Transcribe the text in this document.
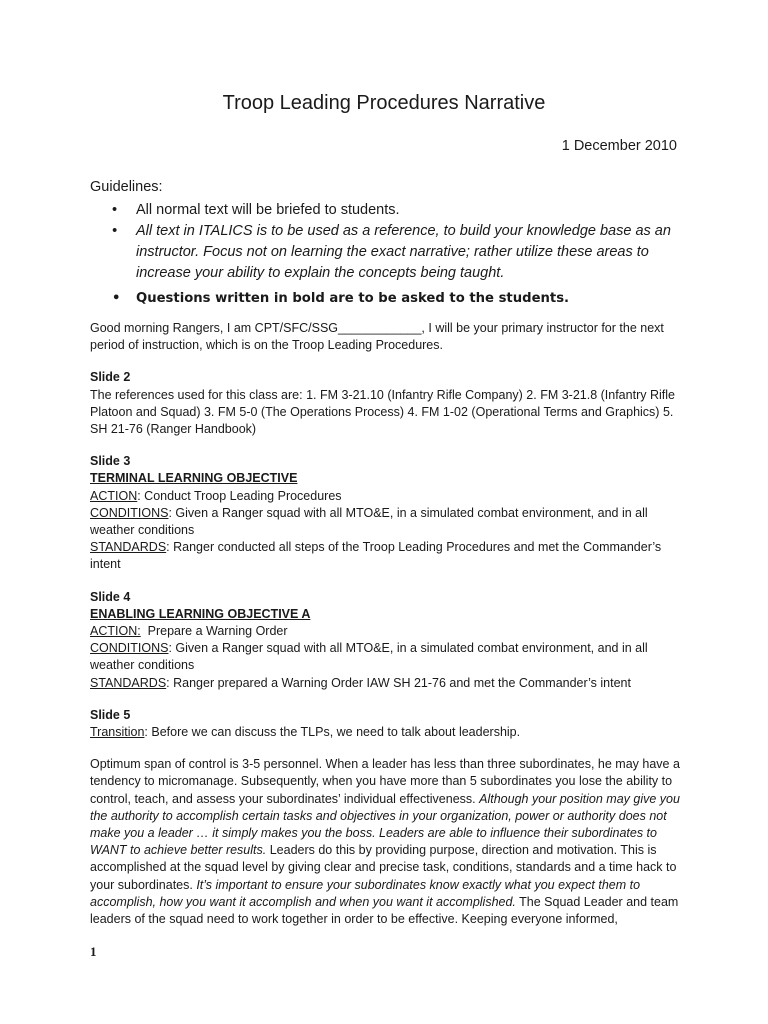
Troop Leading Procedures Narrative
1 December 2010
Guidelines:
• All normal text will be briefed to students.
• All text in ITALICS is to be used as a reference, to build your knowledge base as an instructor. Focus not on learning the exact narrative; rather utilize these areas to increase your ability to explain the concepts being taught.
• Questions written in bold are to be asked to the students.

Good morning Rangers, I am CPT/SFC/SSG____________, I will be your primary instructor for the next period of instruction, which is on the Troop Leading Procedures.

Slide 2
The references used for this class are: 1. FM 3-21.10 (Infantry Rifle Company) 2. FM 3-21.8 (Infantry Rifle Platoon and Squad) 3. FM 5-0 (The Operations Process) 4. FM 1-02 (Operational Terms and Graphics) 5. SH 21-76 (Ranger Handbook)
Slide 3
TERMINAL LEARNING OBJECTIVE
ACTION: Conduct Troop Leading Procedures
CONDITIONS: Given a Ranger squad with all MTO&E, in a simulated combat environment, and in all weather conditions
STANDARDS: Ranger conducted all steps of the Troop Leading Procedures and met the Commander’s intent
Slide 4
ENABLING LEARNING OBJECTIVE A
ACTION:  Prepare a Warning Order
CONDITIONS: Given a Ranger squad with all MTO&E, in a simulated combat environment, and in all weather conditions
STANDARDS: Ranger prepared a Warning Order IAW SH 21-76 and met the Commander’s intent
Slide 5
Transition: Before we can discuss the TLPs, we need to talk about leadership.

Optimum span of control is 3-5 personnel. When a leader has less than three subordinates, he may have a tendency to micromanage. Subsequently, when you have more than 5 subordinates you lose the ability to control, teach, and assess your subordinates’ individual effectiveness. Although your position may give you the authority to accomplish certain tasks and objectives in your organization, power or authority does not make you a leader … it simply makes you the boss. Leaders are able to influence their subordinates to WANT to achieve better results. Leaders do this by providing purpose, direction and motivation. This is accomplished at the squad level by giving clear and precise task, conditions, standards and a time hack to your subordinates. It’s important to ensure your subordinates know exactly what you expect them to accomplish, how you want it accomplish and when you want it accomplished. The Squad Leader and team leaders of the squad need to work together in order to be effective. Keeping everyone informed,

1
